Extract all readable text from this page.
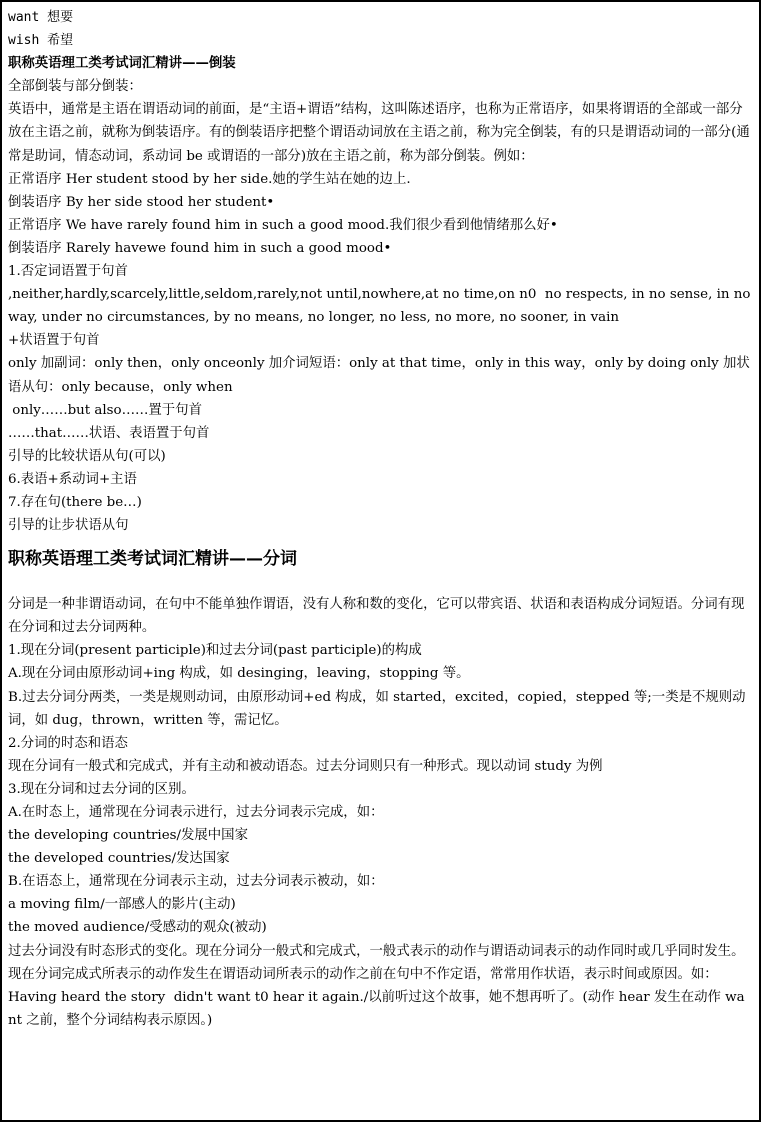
want 想要

wish 希望

职称英语理工类考试词汇精讲——倒装

全部倒装与部分倒装：

英语中，通常是主语在谓语动词的前面，是“主语+谓语”结构，这叫陈述语序，也称为正常语序，如果将谓语的全部或一部分放在主语之前，就称为倒装语序。有的倒装语序把整个谓语动词放在主语之前，称为完全倒装，有的只是谓语动词的一部分(通常是助词，情态动词，系动词 be 或谓语的一部分)放在主语之前，称为部分倒装。例如：

正常语序 Her student stood by her side.她的学生站在她的边上.

倒装语序 By her side stood her student•

正常语序 We have rarely found him in such a good mood.我们很少看到他情绪那么好•

倒装语序 Rarely havewe found him in such a good mood•

1.否定词语置于句首

,neither,hardly,scarcely,little,seldom,rarely,not until,nowhere,at no time,on n0  no respects, in no sense, in no way, under no circumstances, by no means, no longer, no less, no more, no sooner, in vain

+状语置于句首

only 加副词：only then，only onceonly 加介词短语：only at that time，only in this way，only by doing only 加状语从句：only because，only when

only……but also……置于句首

……that……状语、表语置于句首

引导的比较状语从句(可以)

6.表语+系动词+主语

7.存在句(there be…)

引导的让步状语从句

职称英语理工类考试词汇精讲——分词

分词是一种非谓语动词，在句中不能单独作谓语，没有人称和数的变化，它可以带宾语、状语和表语构成分词短语。分词有现在分词和过去分词两种。

1.现在分词(present participle)和过去分词(past participle)的构成

A.现在分词由原形动词+ing 构成，如 desinging，leaving，stopping 等。

B.过去分词分两类，一类是规则动词，由原形动词+ed 构成，如 started，excited，copied，stepped 等;一类是不规则动词，如 dug，thrown，written 等，需记忆。

2.分词的时态和语态

现在分词有一般式和完成式，并有主动和被动语态。过去分词则只有一种形式。现以动词 study 为例

3.现在分词和过去分词的区别。

A.在时态上，通常现在分词表示进行，过去分词表示完成，如：

the developing countries/发展中国家

the developed countries/发达国家

B.在语态上，通常现在分词表示主动，过去分词表示被动，如：

a moving film/一部感人的影片(主动)

the moved audience/受感动的观众(被动)

过去分词没有时态形式的变化。现在分词分一般式和完成式，一般式表示的动作与谓语动词表示的动作同时或几乎同时发生。现在分词完成式所表示的动作发生在谓语动词所表示的动作之前在句中不作定语，常常用作状语，表示时间或原因。如：

Having heard the story  didn't want t0 hear it again./以前听过这个故事，她不想再听了。(动作 hear 发生在动作 want 之前，整个分词结构表示原因。)
